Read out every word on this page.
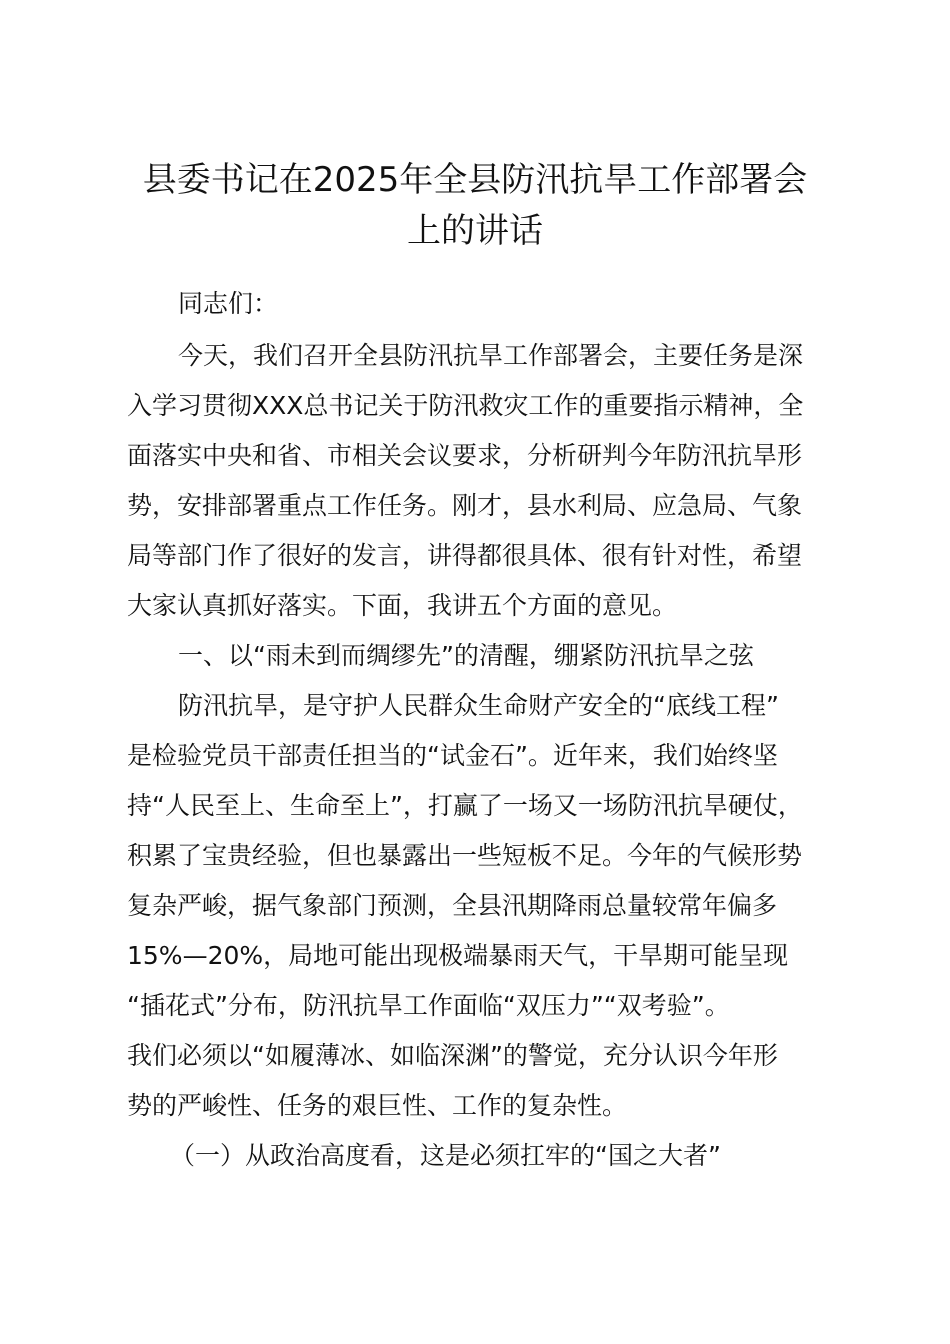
县委书记在2025年全县防汛抗旱工作部署会
上的讲话

同志们：

今天，我们召开全县防汛抗旱工作部署会，主要任务是深

入学习贯彻XXX总书记关于防汛救灾工作的重要指示精神，全

面落实中央和省、市相关会议要求，分析研判今年防汛抗旱形

势，安排部署重点工作任务。刚才，县水利局、应急局、气象

局等部门作了很好的发言，讲得都很具体、很有针对性，希望

大家认真抓好落实。下面，我讲五个方面的意见。

一、以“雨未到而绸缪先”的清醒，绷紧防汛抗旱之弦

防汛抗旱，是守护人民群众生命财产安全的“底线工程”

是检验党员干部责任担当的“试金石”。近年来，我们始终坚

持“人民至上、生命至上”，打赢了一场又一场防汛抗旱硬仗，

积累了宝贵经验，但也暴露出一些短板不足。今年的气候形势

复杂严峻，据气象部门预测，全县汛期降雨总量较常年偏多

15%—20%，局地可能出现极端暴雨天气，干旱期可能呈现

“插花式”分布，防汛抗旱工作面临“双压力”“双考验”。

我们必须以“如履薄冰、如临深渊”的警觉，充分认识今年形

势的严峻性、任务的艰巨性、工作的复杂性。

（一）从政治高度看，这是必须扛牢的“国之大者”
